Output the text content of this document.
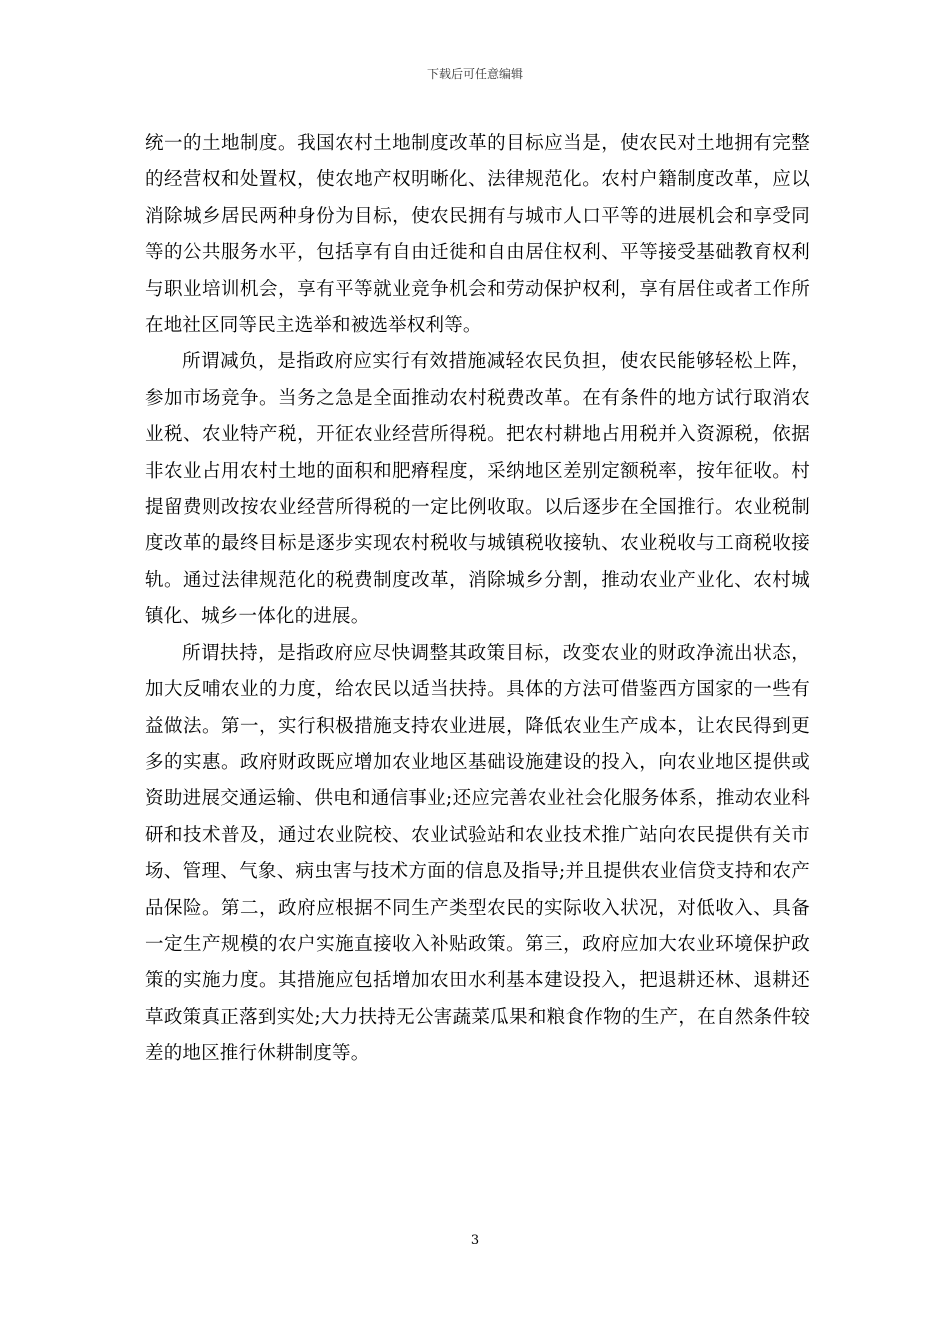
下载后可任意编辑

统一的土地制度。我国农村土地制度改革的目标应当是，使农民对土地拥有完整的经营权和处置权，使农地产权明晰化、法律规范化。农村户籍制度改革，应以消除城乡居民两种身份为目标，使农民拥有与城市人口平等的进展机会和享受同等的公共服务水平，包括享有自由迁徙和自由居住权利、平等接受基础教育权利与职业培训机会，享有平等就业竞争机会和劳动保护权利，享有居住或者工作所在地社区同等民主选举和被选举权利等。

所谓减负，是指政府应实行有效措施减轻农民负担，使农民能够轻松上阵，参加市场竞争。当务之急是全面推动农村税费改革。在有条件的地方试行取消农业税、农业特产税，开征农业经营所得税。把农村耕地占用税并入资源税，依据非农业占用农村土地的面积和肥瘠程度，采纳地区差别定额税率，按年征收。村提留费则改按农业经营所得税的一定比例收取。以后逐步在全国推行。农业税制度改革的最终目标是逐步实现农村税收与城镇税收接轨、农业税收与工商税收接轨。通过法律规范化的税费制度改革，消除城乡分割，推动农业产业化、农村城镇化、城乡一体化的进展。

所谓扶持，是指政府应尽快调整其政策目标，改变农业的财政净流出状态，加大反哺农业的力度，给农民以适当扶持。具体的方法可借鉴西方国家的一些有益做法。第一，实行积极措施支持农业进展，降低农业生产成本，让农民得到更多的实惠。政府财政既应增加农业地区基础设施建设的投入，向农业地区提供或资助进展交通运输、供电和通信事业;还应完善农业社会化服务体系，推动农业科研和技术普及，通过农业院校、农业试验站和农业技术推广站向农民提供有关市场、管理、气象、病虫害与技术方面的信息及指导;并且提供农业信贷支持和农产品保险。第二，政府应根据不同生产类型农民的实际收入状况，对低收入、具备一定生产规模的农户实施直接收入补贴政策。第三，政府应加大农业环境保护政策的实施力度。其措施应包括增加农田水利基本建设投入，把退耕还林、退耕还草政策真正落到实处;大力扶持无公害蔬菜瓜果和粮食作物的生产，在自然条件较差的地区推行休耕制度等。

3
